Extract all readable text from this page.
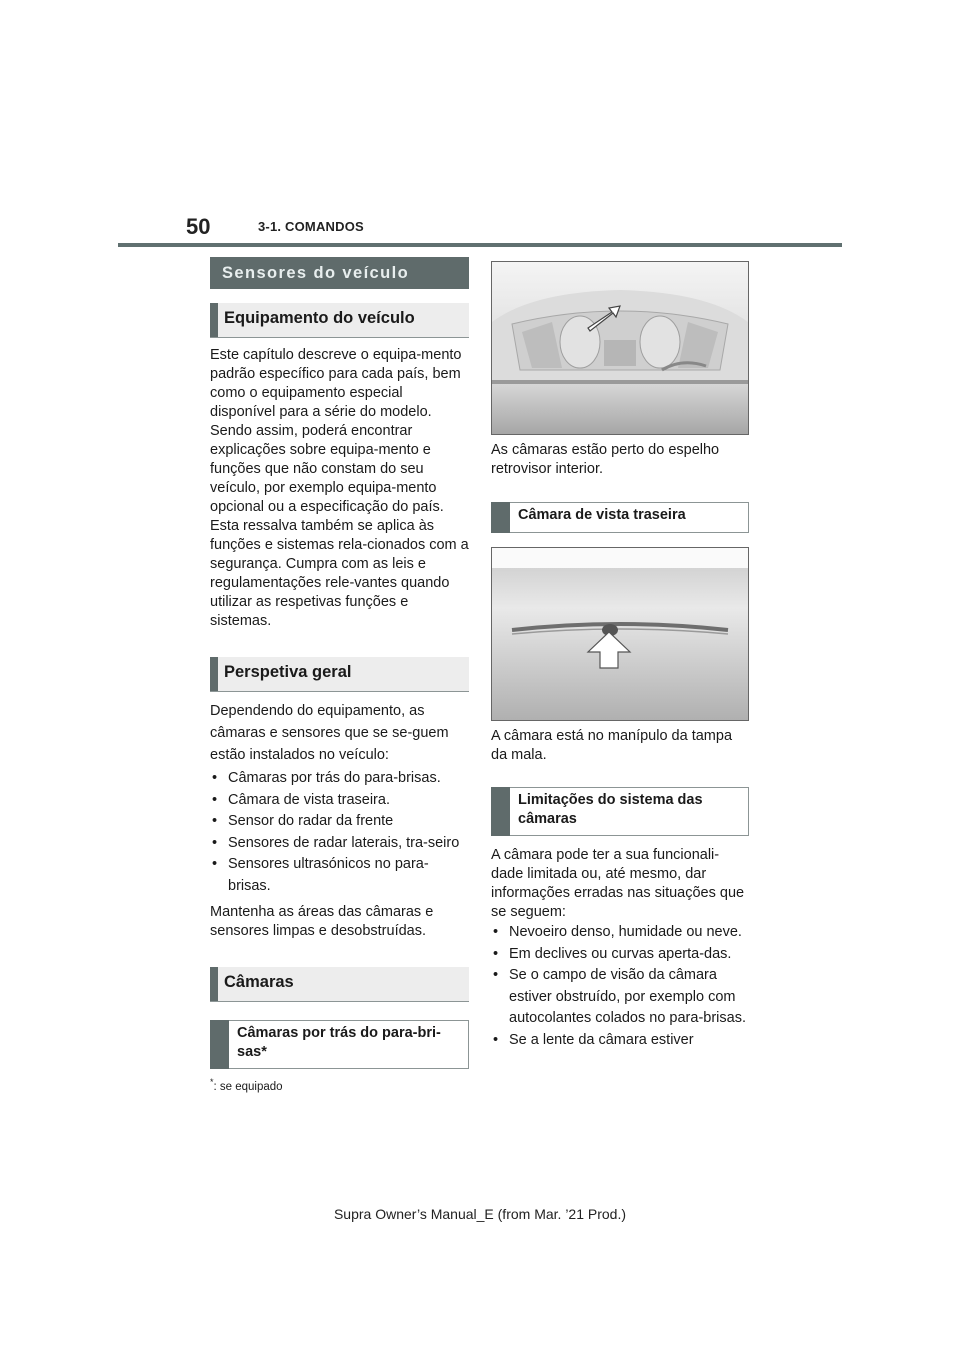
50	3-1. COMANDOS
Sensores do veículo
Equipamento do veículo

Este capítulo descreve o equipa-mento padrão específico para cada país, bem como o equipamento especial disponível para a série do modelo. Sendo assim, poderá encontrar explicações sobre equipa-mento e funções que não constam do seu veículo, por exemplo equipa-mento opcional ou a especificação do país. Esta ressalva também se aplica às funções e sistemas rela-cionados com a segurança. Cumpra com as leis e regulamentações rele-vantes quando utilizar as respetivas funções e sistemas.

Perspetiva geral

Dependendo do equipamento, as câmaras e sensores que se se-guem estão instalados no veículo:

• Câmaras por trás do para-brisas.
• Câmara de vista traseira.
• Sensor do radar da frente
• Sensores de radar laterais, tra-seiro
• Sensores ultrasónicos no para-brisas.

Mantenha as áreas das câmaras e sensores limpas e desobstruídas.

Câmaras
Câmaras por trás do para-bri-sas*
*: se equipado

As câmaras estão perto do espelho retrovisor interior.

Câmara de vista traseira

A câmara está no manípulo da tampa da mala.

Limitações do sistema das câmaras

A câmara pode ter a sua funcionali-dade limitada ou, até mesmo, dar informações erradas nas situações que se seguem:

• Nevoeiro denso, humidade ou neve.
• Em declives ou curvas aperta-das.
• Se o campo de visão da câmara estiver obstruído, por exemplo com autocolantes colados no para-brisas.
• Se a lente da câmara estiver
Supra Owner’s Manual_E (from Mar. ’21 Prod.)
